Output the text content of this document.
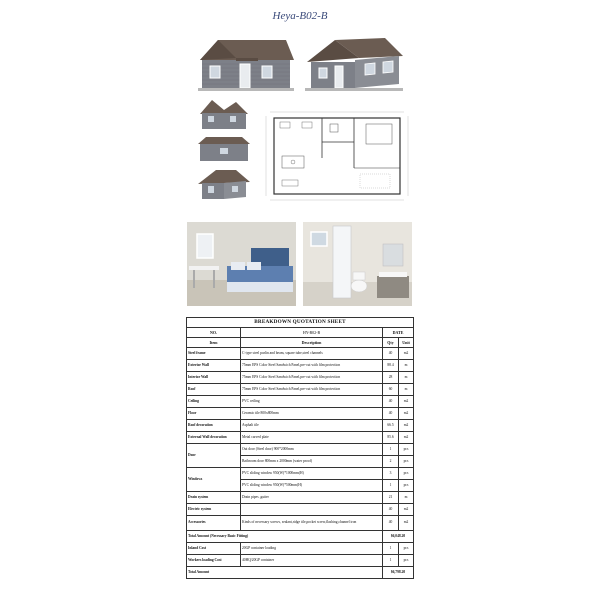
Heya-B02-B
BREAKDOWN QUOTATION SHEET			
NO.	HY-B02-B	DATE	
Item	Description	Qty	Unit
Steel frame	C-type steel purlin and beam, square tube,steel channels	40	m2
Exterior Wall	75mm EPS Color Steel Sandwich Panel,pre-cut with film protection	88.4	m
Interior Wall	75mm EPS Color Steel Sandwich Panel,pre-cut with film protection	28	m
Roof	75mm EPS Color Steel Sandwich Panel,pre-cut with film protection	60	m
Ceiling	PVC ceiling	40	m2
Floor	Ceramic tile 800x800mm	40	m2
Roof decoration	Asphalt tile	66.5	m2
External Wall decoration	Metal carved plate	85.6	m2
Door	Out door (Steel door) 900*2000mm	1	pcs
	Bathroom door 800mm x 2000mm (water proof)	2	pcs
Windows	PVC sliding window 950(W)*1000mm(H)	3	pcs
	PVC sliding window 950(W)*500mm(H)	1	pcs
Drain system	Drain pipes ,gutter	21	m
Electric system		40	m2
Accessories	Kinds of necessary screws, sealant,ridge tile,pocket screw,flashing,channel iron	40	m2
Total Amount (Necessary Basic Fitting)		$6,048.20	
Inland Cost	20GP container loading	1	pcs
Workers loading Cost	40HQ/20GP container	1	pcs
Total Amount		$6,798.20	
